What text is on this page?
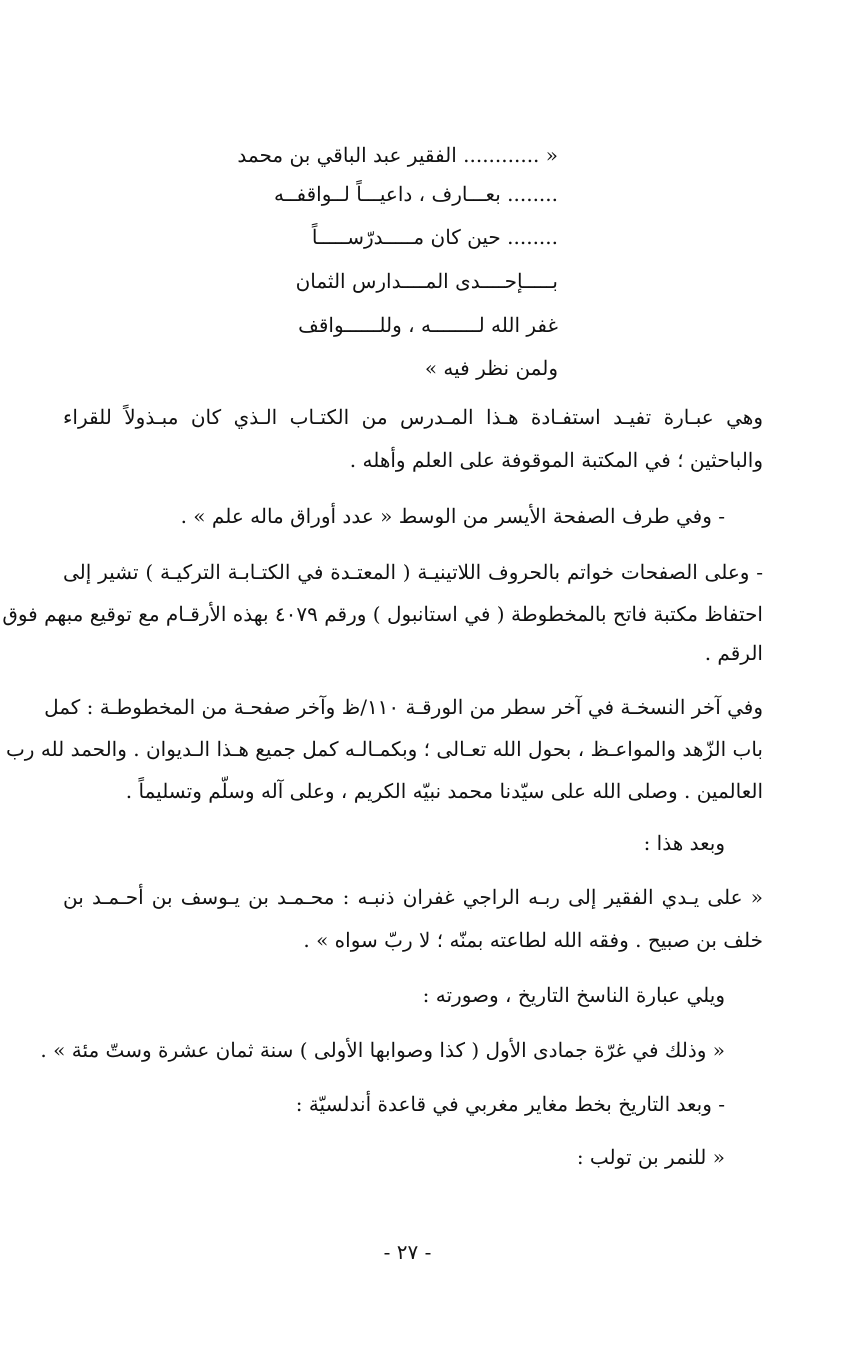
« ............ الفقير عبد الباقي بن محمد
........ بعـــارف ، داعيـــاً لــواقفــه
........ حين كان مـــــدرّســـــاً
بـــــإحــــدى المــــدارس الثمان
غفر الله لــــــــه ، وللــــــواقف
ولمن نظر فيه »
وهي عبـارة تفيـد استفـادة هـذا المـدرس من الكتـاب الـذي كان مبـذولاً للقراء
والباحثين ؛ في المكتبة الموقوفة على العلم وأهله .
- وفي طرف الصفحة الأيسر من الوسط « عدد أوراق ماله علم » .
- وعلى الصفحات خواتم بالحروف اللاتينيـة ( المعتـدة في الكتـابـة التركيـة ) تشير إلى
احتفاظ مكتبة فاتح بالمخطوطة ( في استانبول ) ورقم ٤٠٧٩ بهذه الأرقـام مع توقيع مبهم فوق
الرقم .
وفي آخر النسخـة في آخر سطر من الورقـة ١١٠/ظ وآخر صفحـة من المخطوطـة : كمل
باب الزّهد والمواعـظ ، بحول الله تعـالى ؛ وبكمـالـه كمل جميع هـذا الـديوان . والحمد لله رب
العالمين . وصلى الله على سيّدنا محمد نبيّه الكريم ، وعلى آله وسلّم وتسليماً .
وبعد هذا :
« على يـدي الفقير إلى ربـه الراجي غفران ذنبـه : محـمـد بن يـوسف بن أحـمـد بن
خلف بن صبيح . وفقه الله لطاعته بمنّه ؛ لا ربّ سواه » .
ويلي عبارة الناسخ التاريخ ، وصورته :
« وذلك في غرّة جمادى الأول ( كذا وصوابها الأولى ) سنة ثمان عشرة وستّ مئة » .
- وبعد التاريخ بخط مغاير مغربي في قاعدة أندلسيّة :
« للنمر بن تولب :
- ٢٧ -
